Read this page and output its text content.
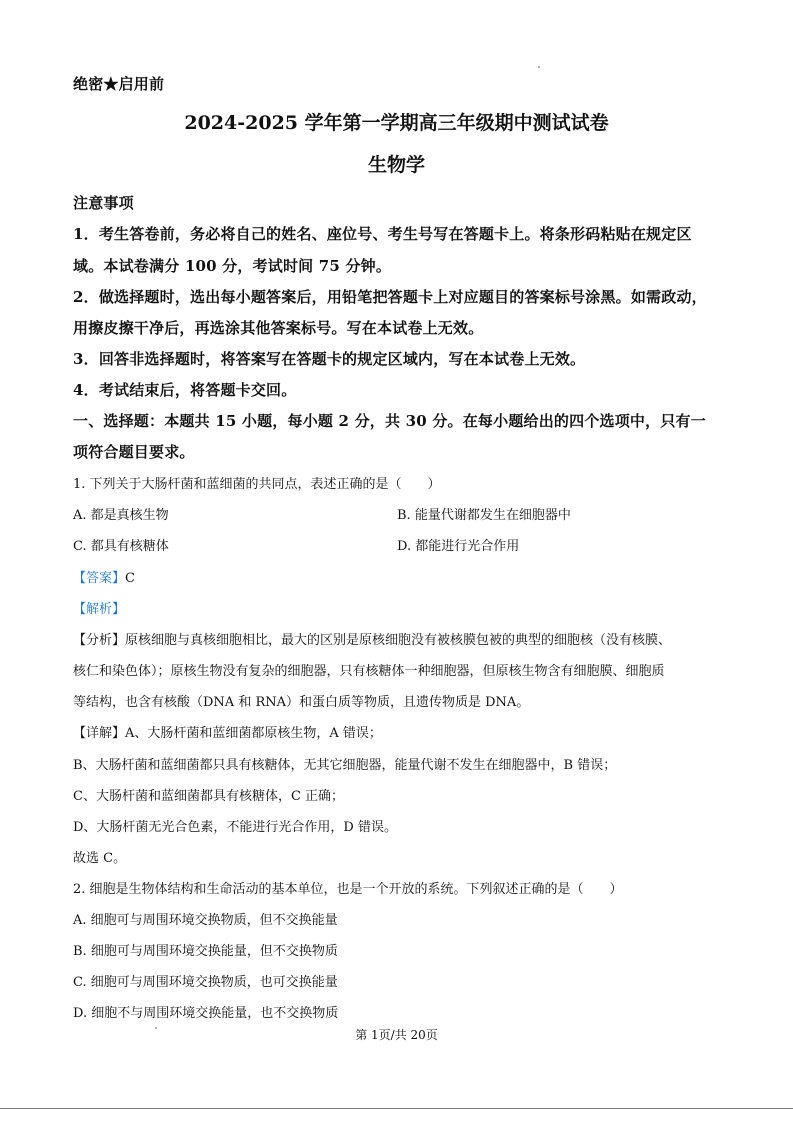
绝密★启用前
2024-2025 学年第一学期高三年级期中测试试卷
生物学
注意事项
1．考生答卷前，务必将自己的姓名、座位号、考生号写在答题卡上。将条形码粘贴在规定区
域。本试卷满分 100 分，考试时间 75 分钟。
2．做选择题时，选出每小题答案后，用铅笔把答题卡上对应题目的答案标号涂黑。如需政动，
用擦皮擦干净后，再选涂其他答案标号。写在本试卷上无效。
3．回答非选择题时，将答案写在答题卡的规定区域内，写在本试卷上无效。
4．考试结束后，将答题卡交回。
一、选择题：本题共 15 小题，每小题 2 分，共 30 分。在每小题给出的四个选项中，只有一
项符合题目要求。
1. 下列关于大肠杆菌和蓝细菌的共同点，表述正确的是（　　）
A. 都是真核生物	B. 能量代谢都发生在细胞器中
C. 都具有核糖体	D. 都能进行光合作用
【答案】C
【解析】
【分析】原核细胞与真核细胞相比，最大的区别是原核细胞没有被核膜包被的典型的细胞核（没有核膜、
核仁和染色体）；原核生物没有复杂的细胞器，只有核糖体一种细胞器，但原核生物含有细胞膜、细胞质
等结构，也含有核酸（DNA 和 RNA）和蛋白质等物质，且遗传物质是 DNA。
【详解】A、大肠杆菌和蓝细菌都原核生物，A 错误；
B、大肠杆菌和蓝细菌都只具有核糖体，无其它细胞器，能量代谢不发生在细胞器中，B 错误；
C、大肠杆菌和蓝细菌都具有核糖体，C 正确；
D、大肠杆菌无光合色素，不能进行光合作用，D 错误。
故选 C。
2. 细胞是生物体结构和生命活动的基本单位，也是一个开放的系统。下列叙述正确的是（　　）
A. 细胞可与周围环境交换物质，但不交换能量
B. 细胞可与周围环境交换能量，但不交换物质
C. 细胞可与周围环境交换物质，也可交换能量
D. 细胞不与周围环境交换能量，也不交换物质
第 1页/共 20页
